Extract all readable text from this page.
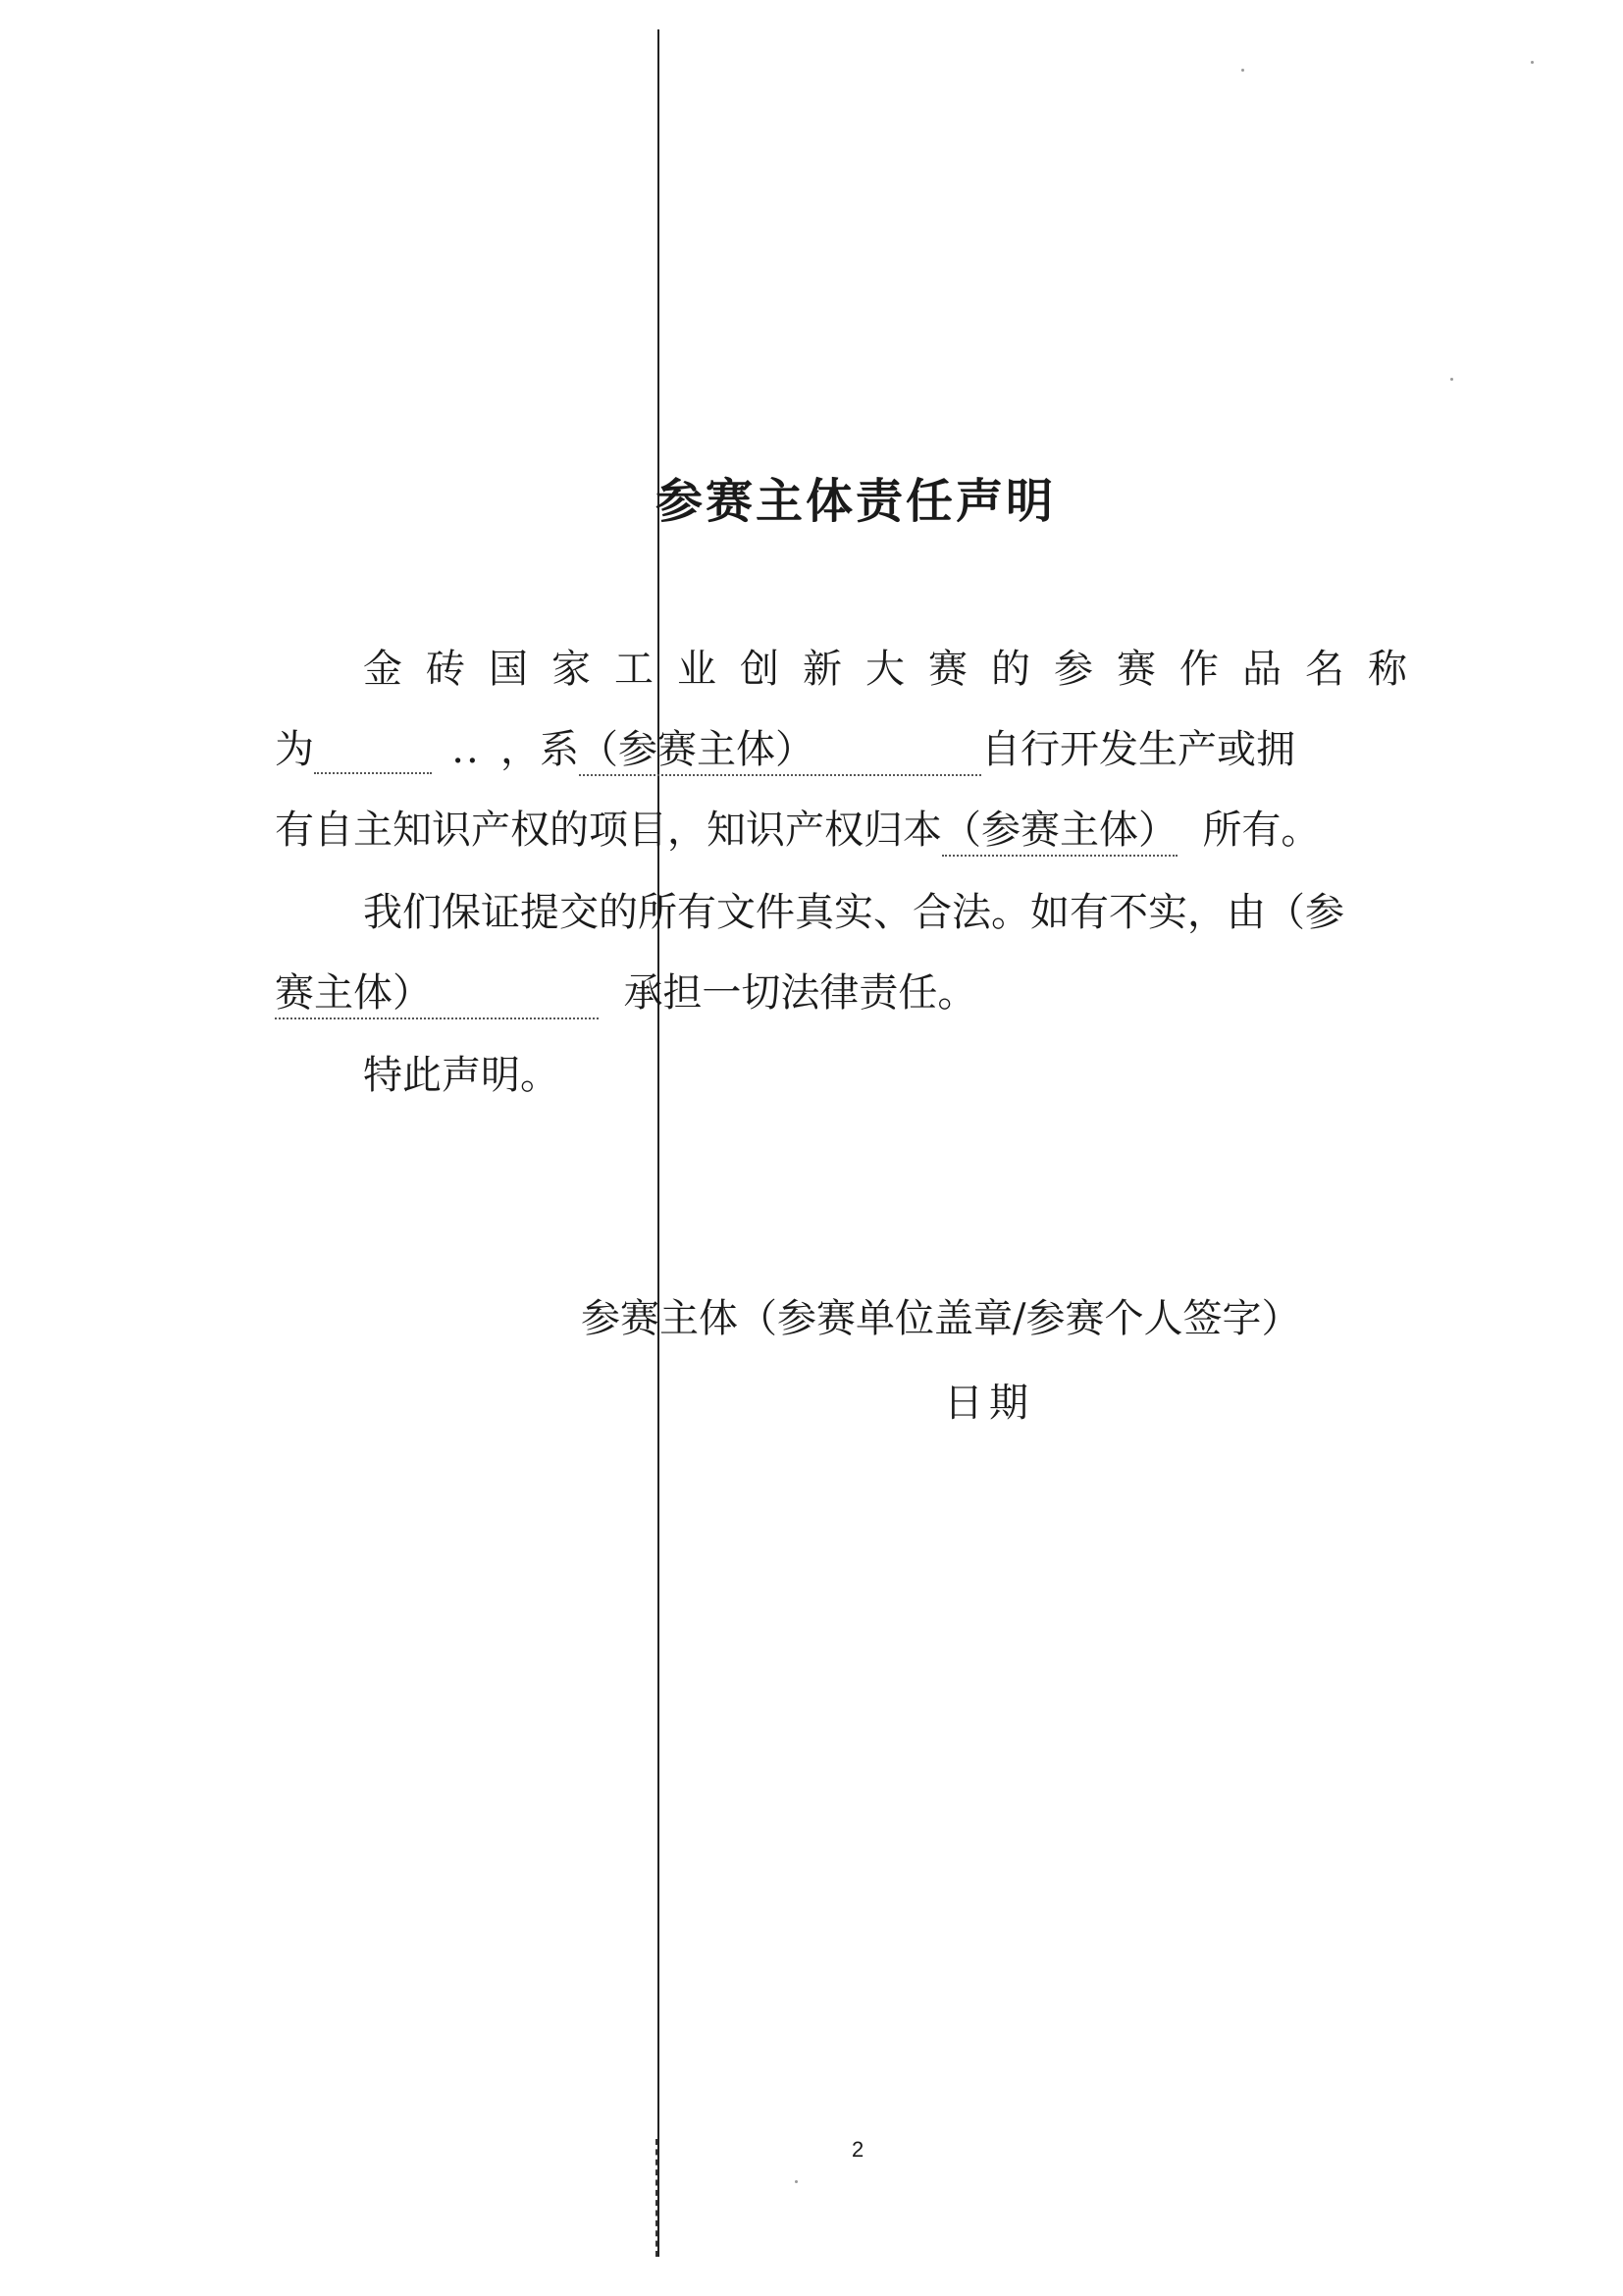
参赛主体责任声明
金砖国家工业创新大赛的参赛作品名称
为	.. ，系（参赛主体）	自行开发生产或拥
有自主知识产权的项目，知识产权归本（参赛主体） 所有。
我们保证提交的所有文件真实、合法。如有不实，由（参
赛主体）	承担一切法律责任。
特此声明。
参赛主体（参赛单位盖章/参赛个人签字）
日期
2
